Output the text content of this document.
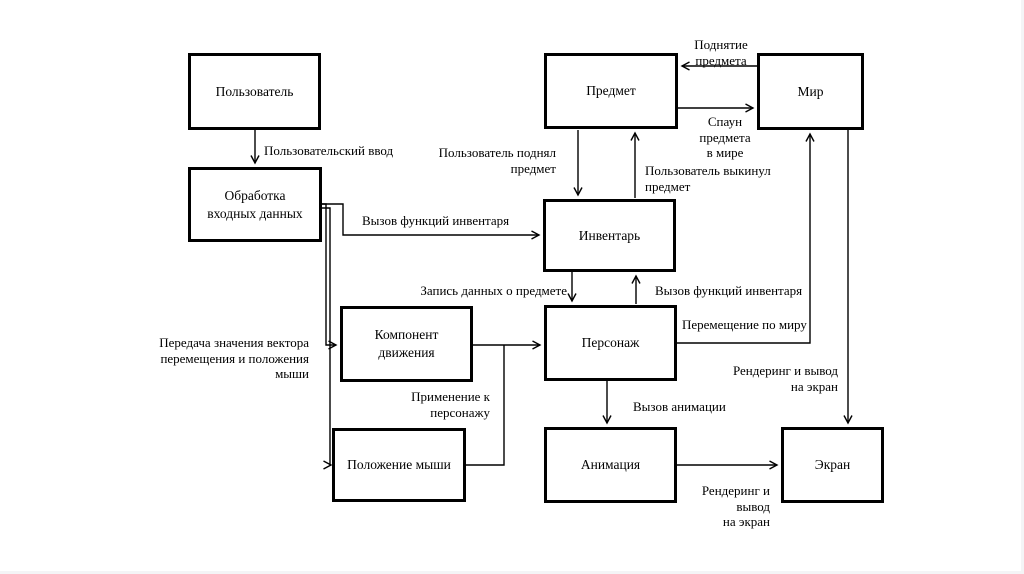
Пользователь
Обработка входных данных
Предмет	Мир
Инвентарь
Компонент движения
Персонаж
Положение мыши	Анимация	Экран
Пользовательский ввод
Вызов функций инвентаря
Пользователь поднял
предмет
Поднятие
предмета
Спаун
предмета
в мире
Пользователь выкинул
предмет
Запись данных о предмете	Вызов функций инвентаря
Перемещение по миру
Рендеринг и вывод
на экран
Передача значения вектора
перемещения и положения
мыши
Применение к
персонажу	Вызов анимации
Рендеринг и
вывод
на экран
